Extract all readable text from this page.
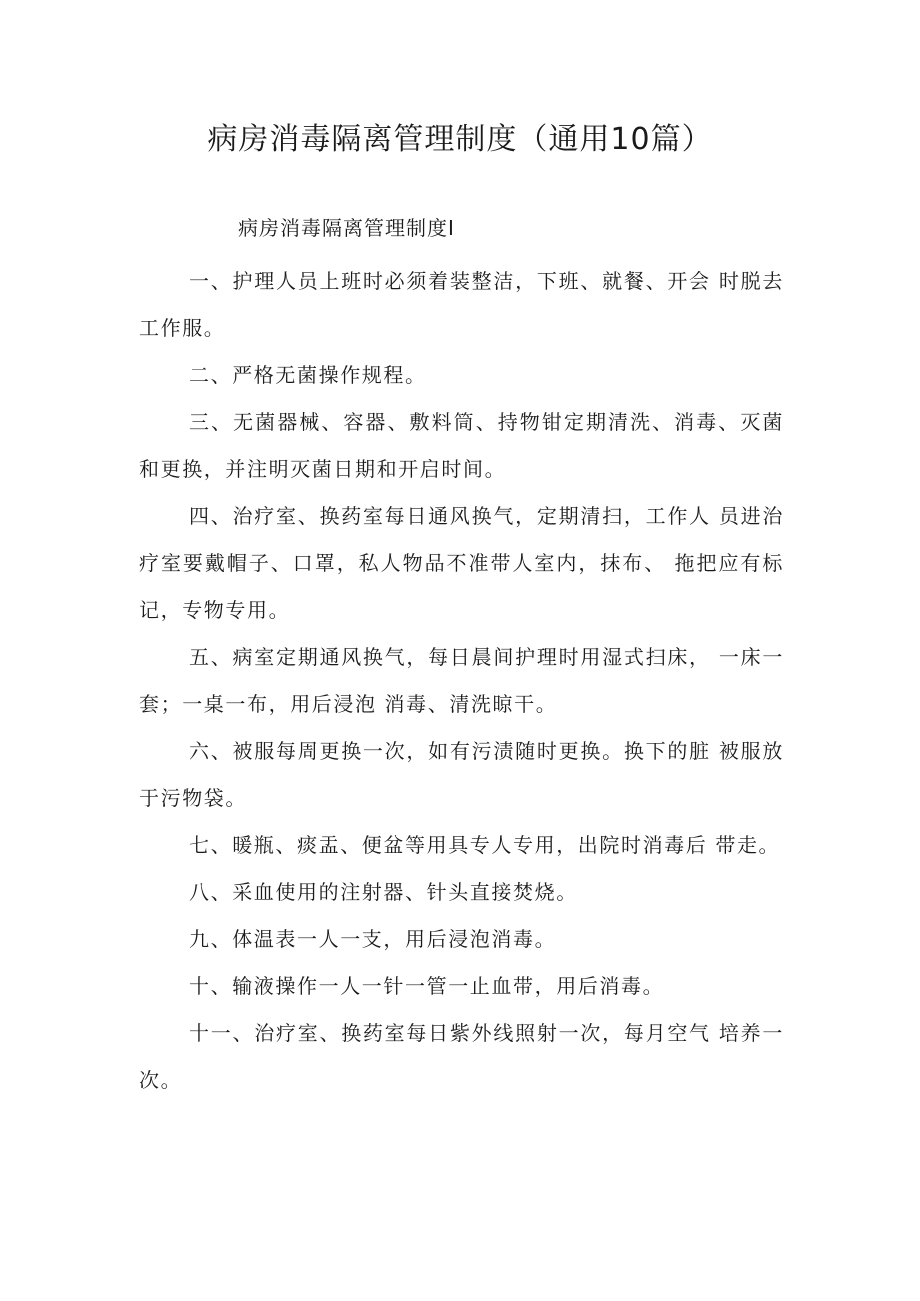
病房消毒隔离管理制度（通用10篇）
病房消毒隔离管理制度I

一、护理人员上班时必须着装整洁，下班、就餐、开会 时脱去工作服。

二、严格无菌操作规程。

三、无菌器械、容器、敷料筒、持物钳定期清洗、消毒、灭菌和更换，并注明灭菌日期和开启时间。

四、治疗室、换药室每日通风换气，定期清扫，工作人 员进治疗室要戴帽子、口罩，私人物品不准带人室内，抹布、 拖把应有标记，专物专用。

五、病室定期通风换气，每日晨间护理时用湿式扫床， 一床一套；一桌一布，用后浸泡 消毒、清洗晾干。

六、被服每周更换一次，如有污渍随时更换。换下的脏 被服放于污物袋。

七、暖瓶、痰盂、便盆等用具专人专用，出院时消毒后 带走。

八、采血使用的注射器、针头直接焚烧。

九、体温表一人一支，用后浸泡消毒。

十、输液操作一人一针一管一止血带，用后消毒。

十一、治疗室、换药室每日紫外线照射一次，每月空气 培养一次。
